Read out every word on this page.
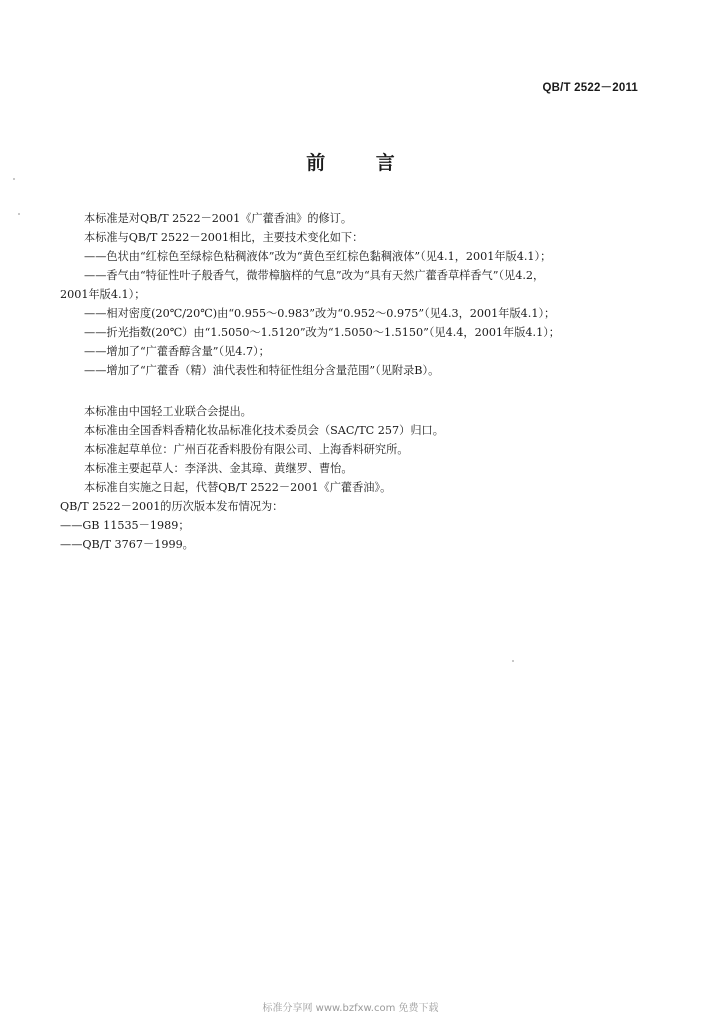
QB/T 2522－2011
前 言
本标准是对QB/T 2522－2001《广藿香油》的修订。
本标准与QB/T 2522－2001相比，主要技术变化如下：
——色状由“红棕色至绿棕色粘稠液体”改为“黄色至红棕色黏稠液体”（见4.1，2001年版4.1）；
——香气由“特征性叶子般香气，微带樟脑样的气息”改为“具有天然广藿香草样香气”（见4.2，
2001年版4.1）；
——相对密度(20℃/20℃)由“0.955～0.983”改为“0.952～0.975”（见4.3，2001年版4.1）；
——折光指数(20℃）由“1.5050～1.5120”改为“1.5050～1.5150”（见4.4，2001年版4.1）；
——增加了“广藿香醇含量”（见4.7）；
——增加了“广藿香（精）油代表性和特征性组分含量范围”（见附录B）。
本标准由中国轻工业联合会提出。
本标准由全国香料香精化妆品标准化技术委员会（SAC/TC 257）归口。
本标准起草单位：广州百花香料股份有限公司、上海香料研究所。
本标准主要起草人：李泽洪、金其璋、黄继罗、曹怡。
本标准自实施之日起，代替QB/T 2522－2001《广藿香油》。
QB/T 2522－2001的历次版本发布情况为：
——GB 11535－1989；
——QB/T 3767－1999。
标准分享网 www.bzfxw.com 免费下载
